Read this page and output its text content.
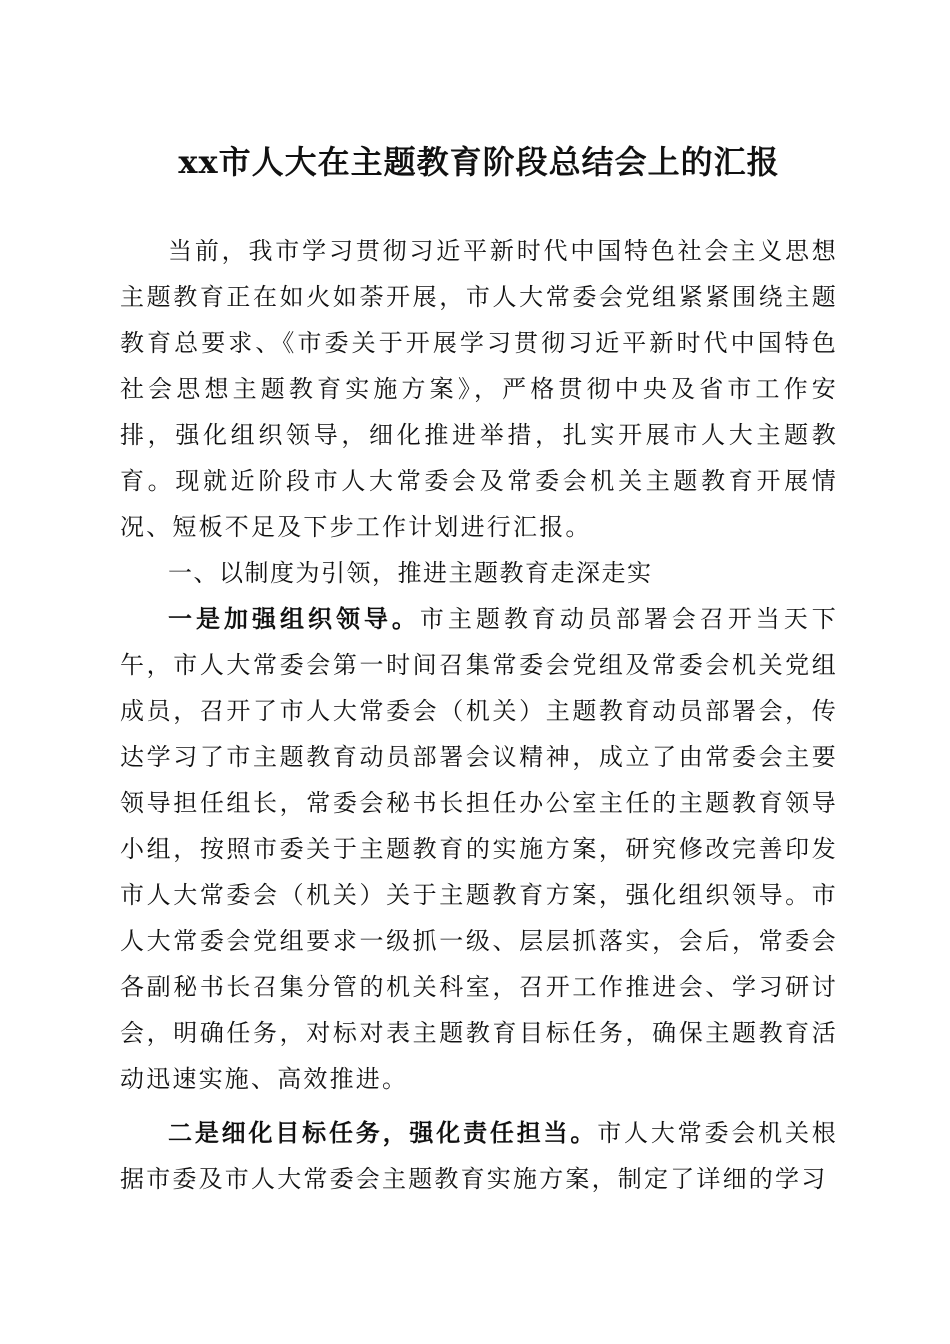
xx市人大在主题教育阶段总结会上的汇报

当前，我市学习贯彻习近平新时代中国特色社会主义思想主题教育正在如火如荼开展，市人大常委会党组紧紧围绕主题教育总要求、《市委关于开展学习贯彻习近平新时代中国特色社会思想主题教育实施方案》，严格贯彻中央及省市工作安排，强化组织领导，细化推进举措，扎实开展市人大主题教育。现就近阶段市人大常委会及常委会机关主题教育开展情况、短板不足及下步工作计划进行汇报。

一、以制度为引领，推进主题教育走深走实

一是加强组织领导。市主题教育动员部署会召开当天下午，市人大常委会第一时间召集常委会党组及常委会机关党组成员，召开了市人大常委会（机关）主题教育动员部署会，传达学习了市主题教育动员部署会议精神，成立了由常委会主要领导担任组长，常委会秘书长担任办公室主任的主题教育领导小组，按照市委关于主题教育的实施方案，研究修改完善印发市人大常委会（机关）关于主题教育方案，强化组织领导。市人大常委会党组要求一级抓一级、层层抓落实，会后，常委会各副秘书长召集分管的机关科室，召开工作推进会、学习研讨会，明确任务，对标对表主题教育目标任务，确保主题教育活动迅速实施、高效推进。

二是细化目标任务，强化责任担当。市人大常委会机关根据市委及市人大常委会主题教育实施方案，制定了详细的学习
